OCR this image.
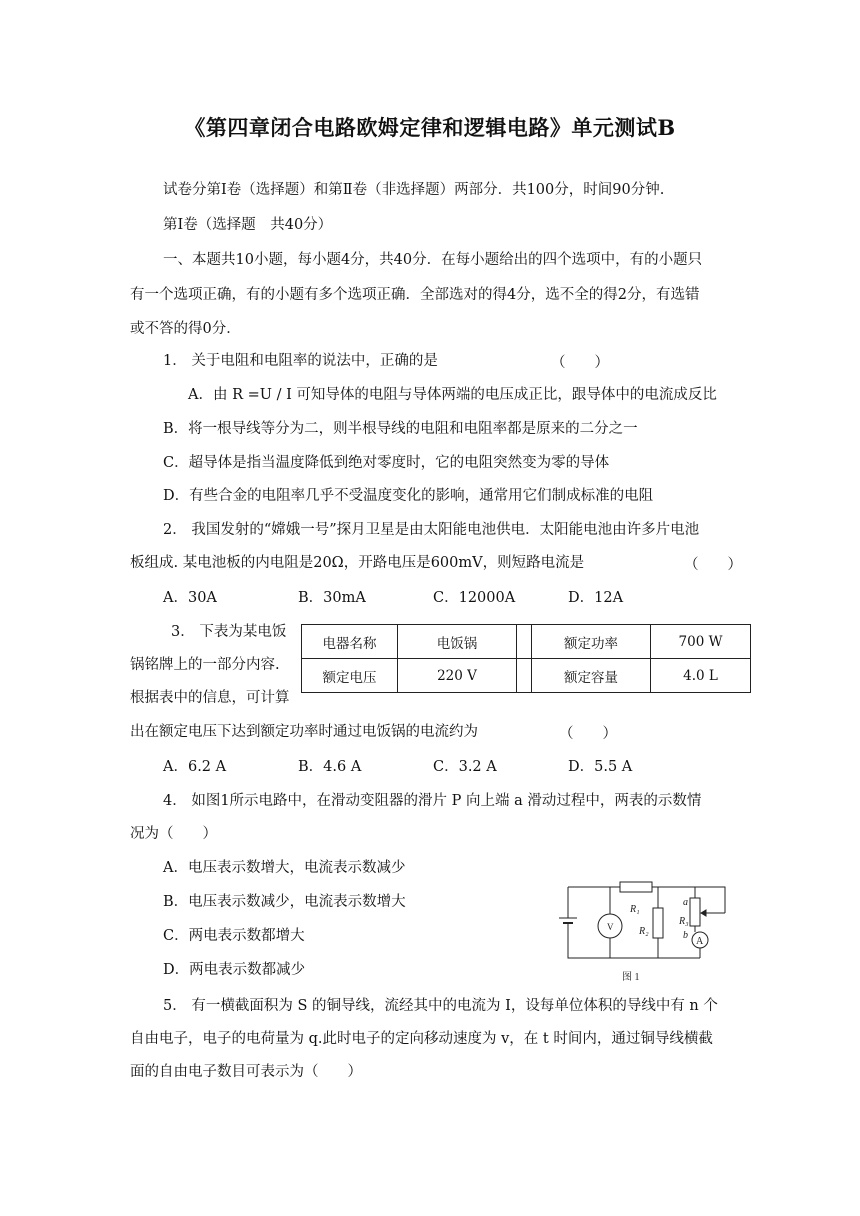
《第四章闭合电路欧姆定律和逻辑电路》单元测试B
试卷分第Ⅰ卷（选择题）和第Ⅱ卷（非选择题）两部分．共100分，时间90分钟.
第Ⅰ卷（选择题　共40分）
一、本题共10小题，每小题4分，共40分．在每小题给出的四个选项中，有的小题只
有一个选项正确，有的小题有多个选项正确．全部选对的得4分，选不全的得2分，有选错
或不答的得0分．
1． 关于电阻和电阻率的说法中，正确的是	（　　）
A．由 R =U / I 可知导体的电阻与导体两端的电压成正比，跟导体中的电流成反比
B．将一根导线等分为二，则半根导线的电阻和电阻率都是原来的二分之一
C．超导体是指当温度降低到绝对零度时，它的电阻突然变为零的导体
D．有些合金的电阻率几乎不受温度变化的影响，通常用它们制成标准的电阻
2． 我国发射的“嫦娥一号”探月卫星是由太阳能电池供电．太阳能电池由许多片电池
板组成. 某电池板的内电阻是20Ω，开路电压是600mV，则短路电流是	（　　）
A．30A	B．30mA	C．12000A	D．12A
3． 下表为某电饭
锅铭牌上的一部分内容.
根据表中的信息，可计算
出在额定电压下达到额定功率时通过电饭锅的电流约为	（　　）
电器名称	电饭锅		额定功率	700 W
额定电压	220 V		额定容量	4.0 L
A．6.2 A	B．4.6 A	C．3.2 A	D．5.5 A
4． 如图1所示电路中，在滑动变阻器的滑片 P 向上端 a 滑动过程中，两表的示数情
况为（　　）
A．电压表示数增大，电流表示数减少
B．电压表示数减少，电流表示数增大
C．两电表示数都增大
D．两电表示数都减少
V
A
R₁
R₂
R₃
a
b
图 1
5． 有一横截面积为 S 的铜导线，流经其中的电流为 I，设每单位体积的导线中有 n 个
自由电子，电子的电荷量为 q.此时电子的定向移动速度为 v，在 t 时间内，通过铜导线横截
面的自由电子数目可表示为（　　）
